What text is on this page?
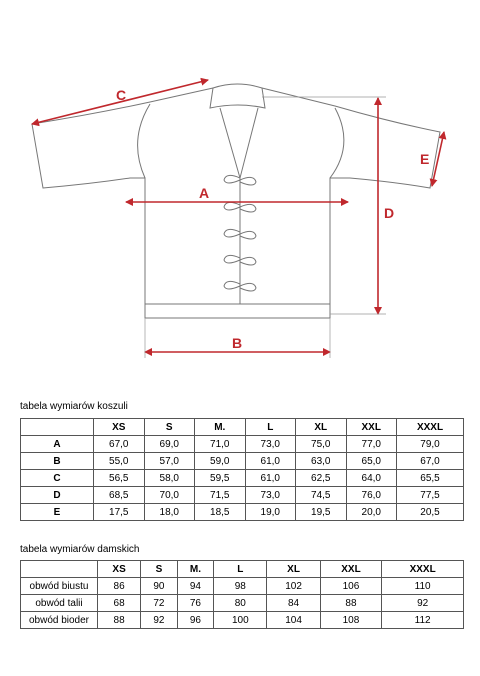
C
A
B
D
E
tabela wymiarów koszuli
	XS	S	M.	L	XL	XXL	XXXL
A	67,0	69,0	71,0	73,0	75,0	77,0	79,0
B	55,0	57,0	59,0	61,0	63,0	65,0	67,0
C	56,5	58,0	59,5	61,0	62,5	64,0	65,5
D	68,5	70,0	71,5	73,0	74,5	76,0	77,5
E	17,5	18,0	18,5	19,0	19,5	20,0	20,5
tabela wymiarów damskich
	XS	S	M.	L	XL	XXL	XXXL
obwód biustu	86	90	94	98	102	106	110
obwód talii	68	72	76	80	84	88	92
obwód bioder	88	92	96	100	104	108	112
